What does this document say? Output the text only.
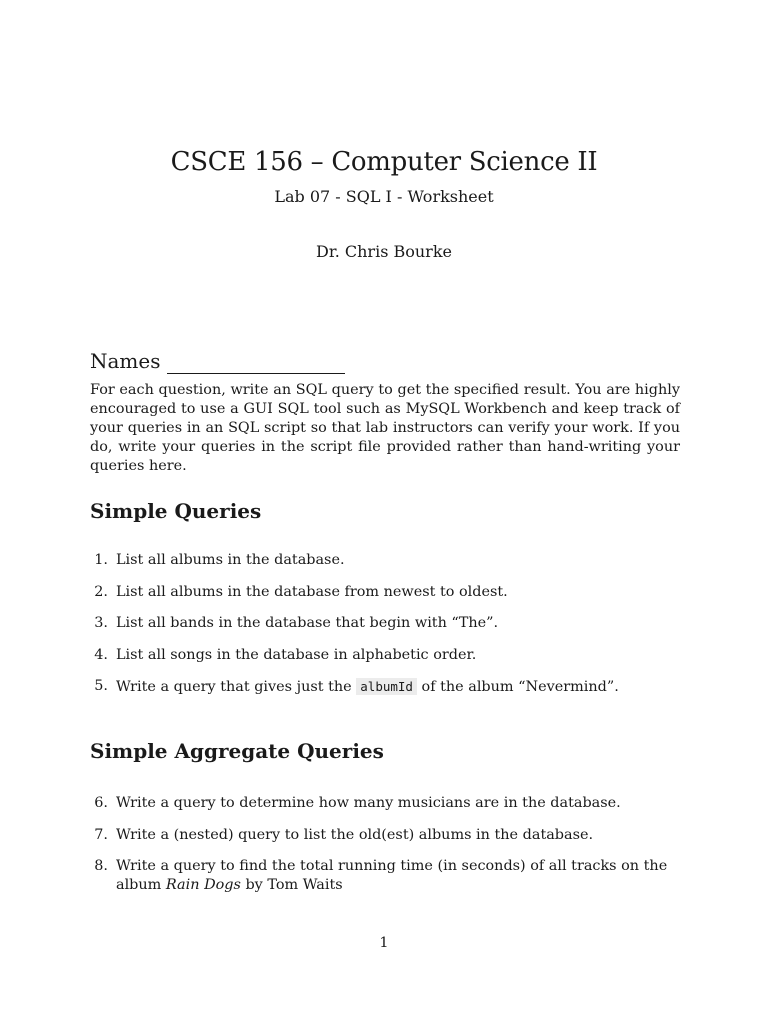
CSCE 156 – Computer Science II
Lab 07 - SQL I - Worksheet
Dr. Chris Bourke
Names
For each question, write an SQL query to get the specified result. You are highly encouraged to use a GUI SQL tool such as MySQL Workbench and keep track of your queries in an SQL script so that lab instructors can verify your work. If you do, write your queries in the script file provided rather than hand-writing your queries here.
Simple Queries
1. List all albums in the database.
2. List all albums in the database from newest to oldest.
3. List all bands in the database that begin with “The”.
4. List all songs in the database in alphabetic order.
5. Write a query that gives just the albumId of the album “Nevermind”.
Simple Aggregate Queries
6. Write a query to determine how many musicians are in the database.
7. Write a (nested) query to list the old(est) albums in the database.
8. Write a query to find the total running time (in seconds) of all tracks on the album Rain Dogs by Tom Waits
1
